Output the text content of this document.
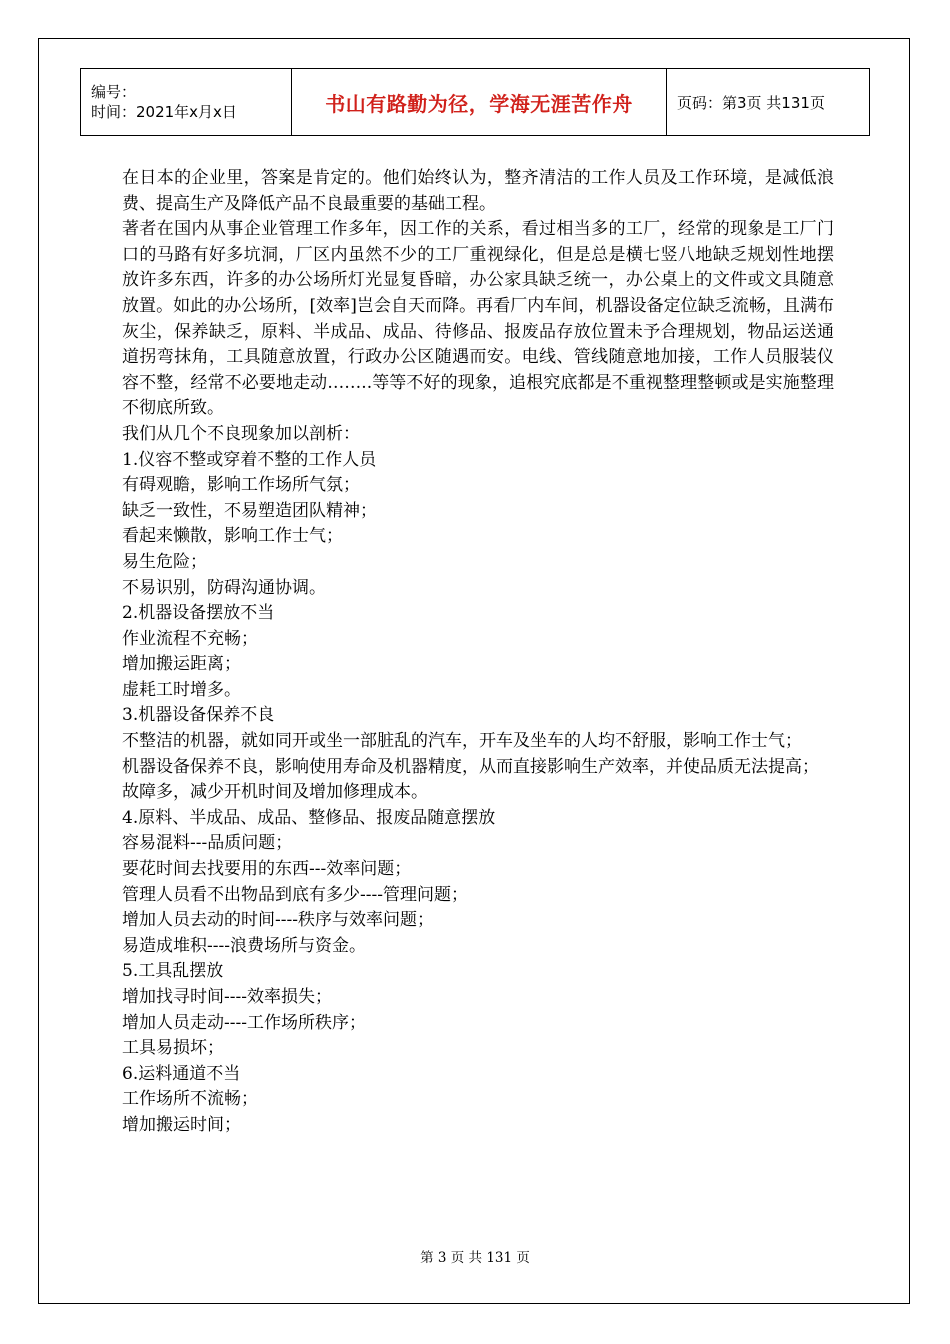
编号：
时间：2021年x月x日	书山有路勤为径，学海无涯苦作舟	页码：第3页 共131页

在日本的企业里，答案是肯定的。他们始终认为，整齐清洁的工作人员及工作环境，是减低浪费、提高生产及降低产品不良最重要的基础工程。

著者在国内从事企业管理工作多年，因工作的关系，看过相当多的工厂，经常的现象是工厂门口的马路有好多坑洞，厂区内虽然不少的工厂重视绿化，但是总是横七竖八地缺乏规划性地摆放许多东西，许多的办公场所灯光显复昏暗，办公家具缺乏统一，办公桌上的文件或文具随意放置。如此的办公场所，[效率]岂会自天而降。再看厂内车间，机器设备定位缺乏流畅，且满布灰尘，保养缺乏，原料、半成品、成品、待修品、报废品存放位置未予合理规划，物品运送通道拐弯抹角，工具随意放置，行政办公区随遇而安。电线、管线随意地加接，工作人员服装仪容不整，经常不必要地走动……..等等不好的现象，追根究底都是不重视整理整顿或是实施整理不彻底所致。

我们从几个不良现象加以剖析：

1.仪容不整或穿着不整的工作人员

有碍观瞻，影响工作场所气氛；

缺乏一致性，不易塑造团队精神；

看起来懒散，影响工作士气；

易生危险；

不易识别，防碍沟通协调。

2.机器设备摆放不当

作业流程不充畅；

增加搬运距离；

虚耗工时增多。

3.机器设备保养不良

不整洁的机器，就如同开或坐一部脏乱的汽车，开车及坐车的人均不舒服，影响工作士气；

机器设备保养不良，影响使用寿命及机器精度，从而直接影响生产效率，并使品质无法提高；

故障多，减少开机时间及增加修理成本。

4.原料、半成品、成品、整修品、报废品随意摆放

容易混料---品质问题；

要花时间去找要用的东西---效率问题；

管理人员看不出物品到底有多少----管理问题；

增加人员去动的时间----秩序与效率问题；

易造成堆积----浪费场所与资金。

5.工具乱摆放

增加找寻时间----效率损失；

增加人员走动----工作场所秩序；

工具易损坏；

6.运料通道不当

工作场所不流畅；

增加搬运时间；

第 3 页 共 131 页
